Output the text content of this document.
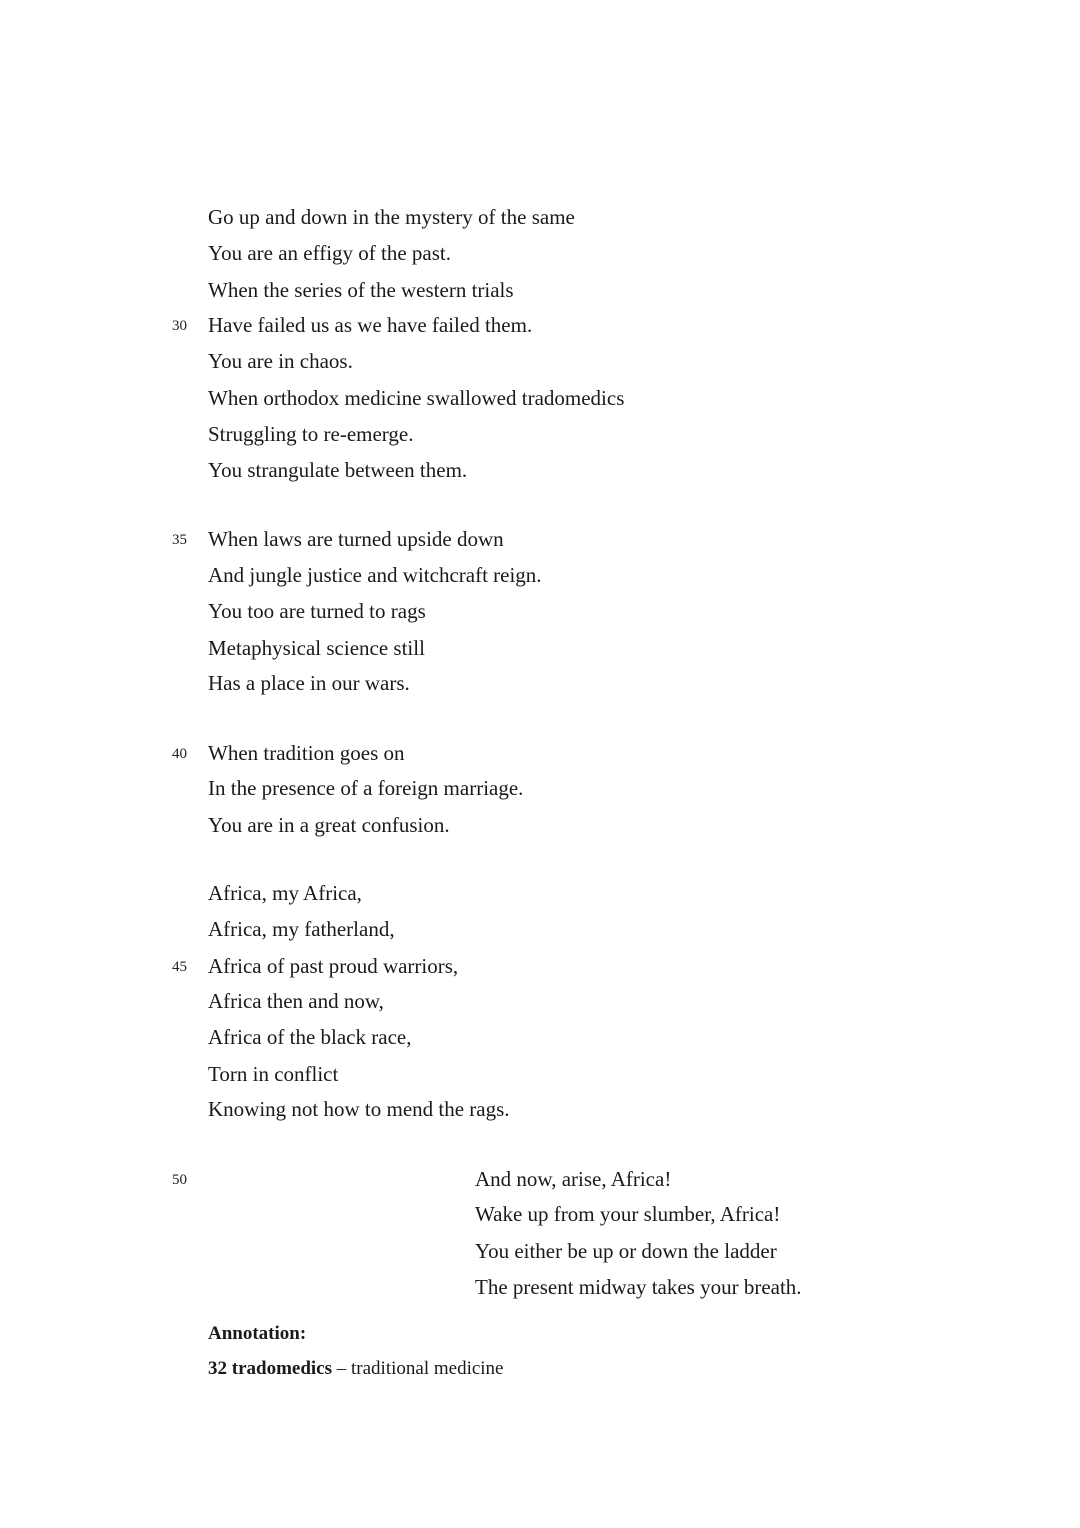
Go up and down in the mystery of the same
You are an effigy of the past.
When the series of the western trials
30	Have failed us as we have failed them.
You are in chaos.
When orthodox medicine swallowed tradomedics
Struggling to re-emerge.
You strangulate between them.
35	When laws are turned upside down
And jungle justice and witchcraft reign.
You too are turned to rags
Metaphysical science still
Has a place in our wars.
40	When tradition goes on
In the presence of a foreign marriage.
You are in a great confusion.
Africa, my Africa,
Africa, my fatherland,
45	Africa of past proud warriors,
Africa then and now,
Africa of the black race,
Torn in conflict
Knowing not how to mend the rags.
50	And now, arise, Africa!
Wake up from your slumber, Africa!
You either be up or down the ladder
The present midway takes your breath.
Annotation:
32 tradomedics – traditional medicine
